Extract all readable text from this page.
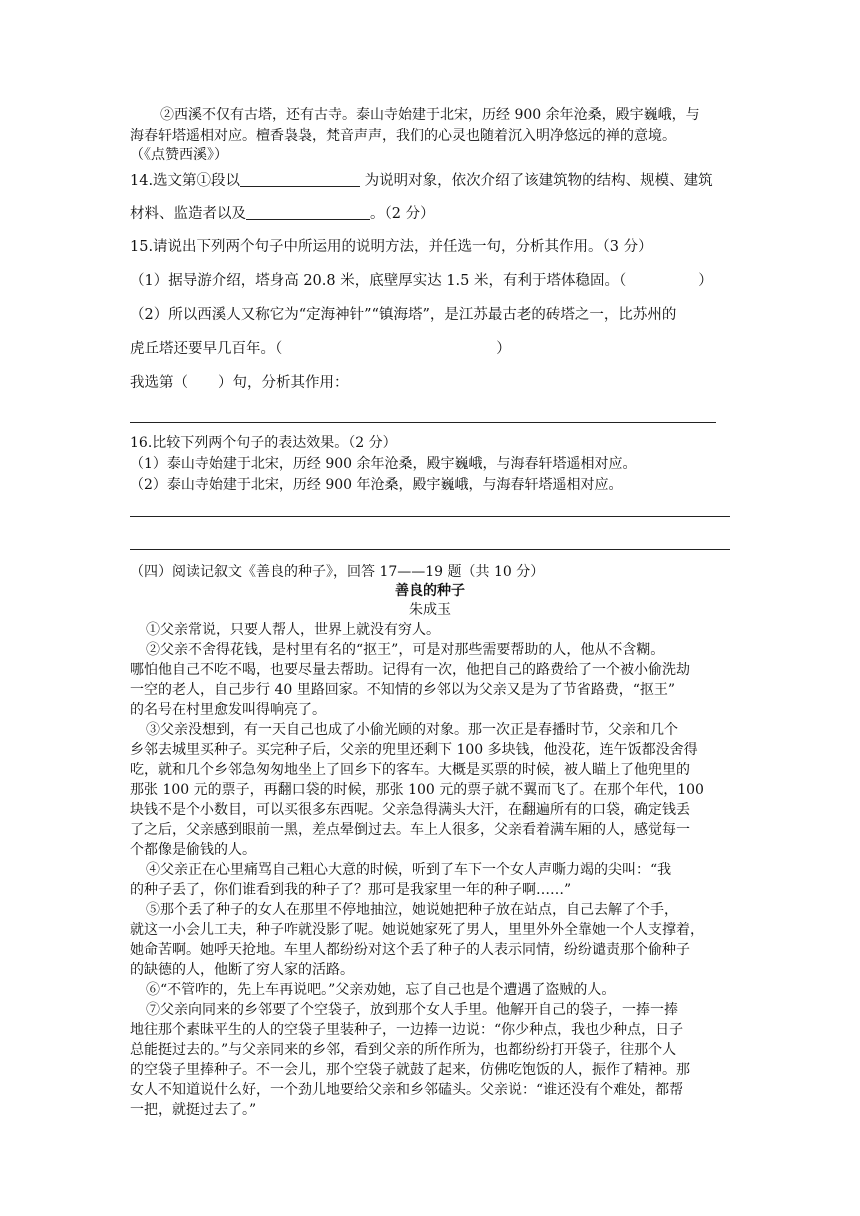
②西溪不仅有古塔，还有古寺。泰山寺始建于北宋，历经 900 余年沧桑，殿宇巍峨，与
海春轩塔遥相对应。檀香袅袅，梵音声声，我们的心灵也随着沉入明净悠远的禅的意境。
（《点赞西溪》）
14.选文第①段以	为说明对象，依次介绍了该建筑物的结构、规模、建筑
材料、监造者以及	。（2 分）
15.请说出下列两个句子中所运用的说明方法，并任选一句，分析其作用。（3 分）
（1）据导游介绍，塔身高 20.8 米，底壁厚实达 1.5 米，有利于塔体稳固。（	）
（2）所以西溪人又称它为“定海神针”“镇海塔”，是江苏最古老的砖塔之一，比苏州的
虎丘塔还要早几百年。（	）
我选第（ ）句，分析其作用：
16.比较下列两个句子的表达效果。（2 分）
（1）泰山寺始建于北宋，历经 900 余年沧桑，殿宇巍峨，与海春轩塔遥相对应。
（2）泰山寺始建于北宋，历经 900 年沧桑，殿宇巍峨，与海春轩塔遥相对应。
（四）阅读记叙文《善良的种子》，回答 17——19 题（共 10 分）
善良的种子
朱成玉
①父亲常说，只要人帮人，世界上就没有穷人。
②父亲不舍得花钱，是村里有名的“抠王”，可是对那些需要帮助的人，他从不含糊。
哪怕他自己不吃不喝，也要尽量去帮助。记得有一次，他把自己的路费给了一个被小偷洗劫
一空的老人，自己步行 40 里路回家。不知情的乡邻以为父亲又是为了节省路费，“抠王”
的名号在村里愈发叫得响亮了。
③父亲没想到，有一天自己也成了小偷光顾的对象。那一次正是春播时节，父亲和几个
乡邻去城里买种子。买完种子后，父亲的兜里还剩下 100 多块钱，他没花，连午饭都没舍得
吃，就和几个乡邻急匆匆地坐上了回乡下的客车。大概是买票的时候，被人瞄上了他兜里的
那张 100 元的票子，再翻口袋的时候，那张 100 元的票子就不翼而飞了。在那个年代，100
块钱不是个小数目，可以买很多东西呢。父亲急得满头大汗，在翻遍所有的口袋，确定钱丢
了之后，父亲感到眼前一黑，差点晕倒过去。车上人很多，父亲看着满车厢的人，感觉每一
个都像是偷钱的人。
④父亲正在心里痛骂自己粗心大意的时候，听到了车下一个女人声嘶力竭的尖叫：“我
的种子丢了，你们谁看到我的种子了？那可是我家里一年的种子啊……”
⑤那个丢了种子的女人在那里不停地抽泣，她说她把种子放在站点，自己去解了个手，
就这一小会儿工夫，种子咋就没影了呢。她说她家死了男人，里里外外全靠她一个人支撑着，
她命苦啊。她呼天抢地。车里人都纷纷对这个丢了种子的人表示同情，纷纷谴责那个偷种子
的缺德的人，他断了穷人家的活路。
⑥“不管咋的，先上车再说吧。”父亲劝她，忘了自己也是个遭遇了盗贼的人。
⑦父亲向同来的乡邻要了个空袋子，放到那个女人手里。他解开自己的袋子，一捧一捧
地往那个素昧平生的人的空袋子里装种子，一边捧一边说：“你少种点，我也少种点，日子
总能挺过去的。”与父亲同来的乡邻，看到父亲的所作所为，也都纷纷打开袋子，往那个人
的空袋子里捧种子。不一会儿，那个空袋子就鼓了起来，仿佛吃饱饭的人，振作了精神。那
女人不知道说什么好，一个劲儿地要给父亲和乡邻磕头。父亲说：“谁还没有个难处，都帮
一把，就挺过去了。”
